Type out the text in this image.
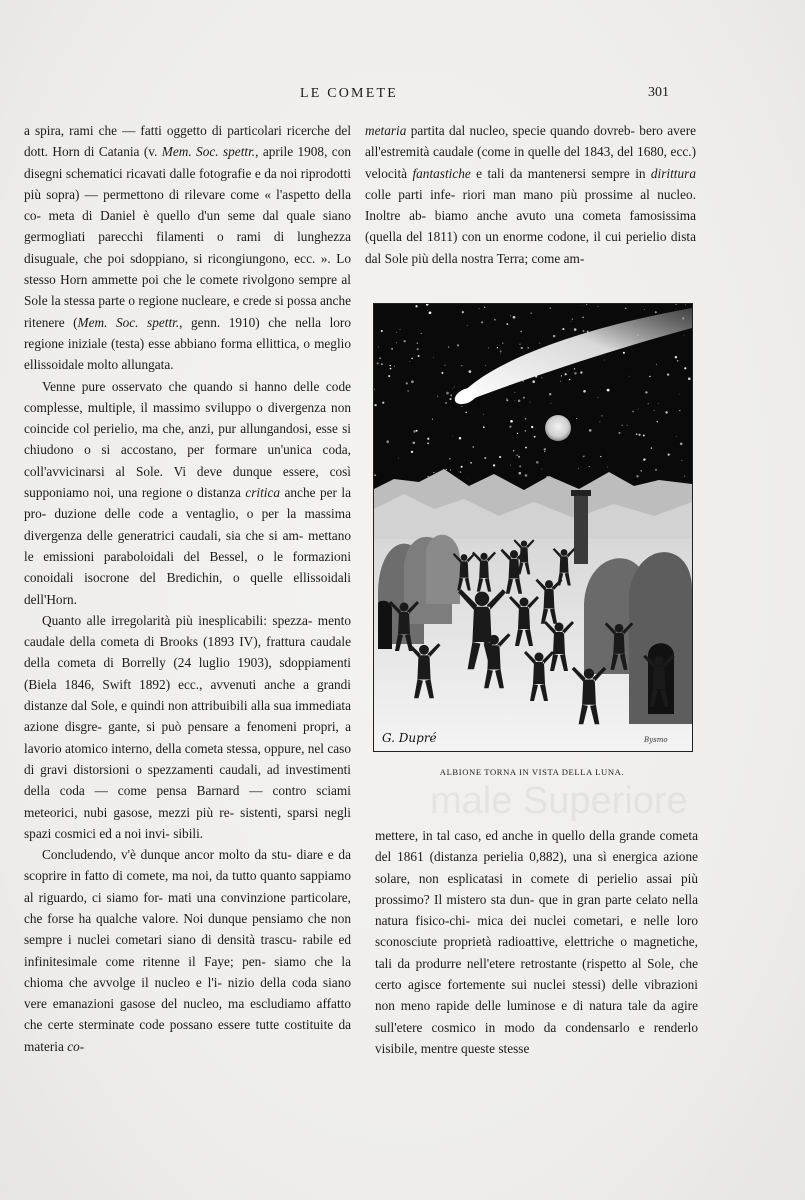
LE COMETE	301
male Superiore

a spira, rami che — fatti oggetto di particolari ricerche del dott. Horn di Catania (v. Mem. Soc. spettr., aprile 1908, con disegni schematici ricavati dalle fotografie e da noi riprodotti più sopra) — permettono di rilevare come « l'aspetto della co- meta di Daniel è quello d'un seme dal quale siano germogliati parecchi filamenti o rami di lunghezza disuguale, che poi sdoppiano, si ricongiungono, ecc. ». Lo stesso Horn ammette poi che le comete rivolgono sempre al Sole la stessa parte o regione nucleare, e crede si possa anche ritenere (Mem. Soc. spettr., genn. 1910) che nella loro regione iniziale (testa) esse abbiano forma ellittica, o meglio ellissoidale molto allungata.

Venne pure osservato che quando si hanno delle code complesse, multiple, il massimo sviluppo o divergenza non coincide col perielio, ma che, anzi, pur allungandosi, esse si chiudono o si accostano, per formare un'unica coda, coll'avvicinarsi al Sole. Vi deve dunque essere, così supponiamo noi, una regione o distanza critica anche per la pro- duzione delle code a ventaglio, o per la massima divergenza delle generatrici caudali, sia che si am- mettano le emissioni paraboloidali del Bessel, o le formazioni conoidali isocrone del Bredichin, o quelle ellissoidali dell'Horn.

Quanto alle irregolarità più inesplicabili: spezza- mento caudale della cometa di Brooks (1893 IV), frattura caudale della cometa di Borrelly (24 luglio 1903), sdoppiamenti (Biela 1846, Swift 1892) ecc., avvenuti anche a grandi distanze dal Sole, e quindi non attribuibili alla sua immediata azione disgre- gante, si può pensare a fenomeni propri, a lavorio atomico interno, della cometa stessa, oppure, nel caso di gravi distorsioni o spezzamenti caudali, ad investimenti della coda — come pensa Barnard — contro sciami meteorici, nubi gasose, mezzi più re- sistenti, sparsi negli spazi cosmici ed a noi invi- sibili.

Concludendo, v'è dunque ancor molto da stu- diare e da scoprire in fatto di comete, ma noi, da tutto quanto sappiamo al riguardo, ci siamo for- mati una convinzione particolare, che forse ha qualche valore. Noi dunque pensiamo che non sempre i nuclei cometari siano di densità trascu- rabile ed infinitesimale come ritenne il Faye; pen- siamo che la chioma che avvolge il nucleo e l'i- nizio della coda siano vere emanazioni gasose del nucleo, ma escludiamo affatto che certe sterminate code possano essere tutte costituite da materia co-

metaria partita dal nucleo, specie quando dovreb- bero avere all'estremità caudale (come in quelle del 1843, del 1680, ecc.) velocità fantastiche e tali da mantenersi sempre in dirittura colle parti infe- riori man mano più prossime al nucleo. Inoltre ab- biamo anche avuto una cometa famosissima (quella del 1811) con un enorme codone, il cui perielio dista dal Sole più della nostra Terra; come am-

G. Dupré	Bysmo
ALBIONE TORNA IN VISTA DELLA LUNA.

mettere, in tal caso, ed anche in quello della grande cometa del 1861 (distanza perielia 0,882), una sì energica azione solare, non esplicatasi in comete di perielio assai più prossimo? Il mistero sta dun- que in gran parte celato nella natura fisico-chi- mica dei nuclei cometari, e nelle loro sconosciute proprietà radioattive, elettriche o magnetiche, tali da produrre nell'etere retrostante (rispetto al Sole, che certo agisce fortemente sui nuclei stessi) delle vibrazioni non meno rapide delle luminose e di natura tale da agire sull'etere cosmico in modo da condensarlo e renderlo visibile, mentre queste stesse
